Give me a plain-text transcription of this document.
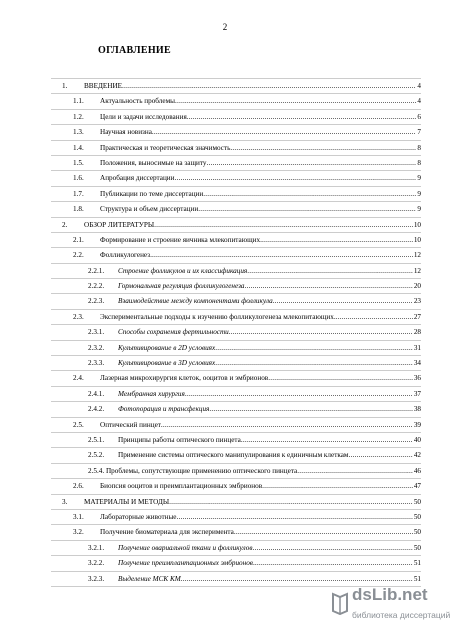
2
ОГЛАВЛЕНИЕ
1. ВВЕДЕНИЕ .....	4
1.1. Актуальность проблемы .....	4
1.2. Цели и задачи исследования .....	6
1.3. Научная новизна .....	7
1.4. Практическая и теоретическая значимость .....	8
1.5. Положения, выносимые на защиту .....	8
1.6. Апробация диссертации .....	9
1.7. Публикации по теме диссертации .....	9
1.8. Структура и объем диссертации .....	9
2. ОБЗОР ЛИТЕРАТУРЫ .....	10
2.1. Формирование и строение яичника млекопитающих .....	10
2.2. Фолликулогенез .....	12
2.2.1. Строение фолликулов и их классификация .....	12
2.2.2. Гормональная регуляция фолликулогенеза .....	20
2.2.3. Взаимодействие между компонентами фолликула .....	23
2.3. Экспериментальные подходы к изучению фолликулогенеза млекопитающих .....	27
2.3.1. Способы сохранения фертильности .....	28
2.3.2. Культивирование в 2D условиях .....	31
2.3.3. Культивирование в 3D условиях .....	34
2.4. Лазерная микрохирургия клеток, ооцитов и эмбрионов .....	36
2.4.1. Мембранная хирургия .....	37
2.4.2. Фотопорация и трансфекция .....	38
2.5. Оптический пинцет .....	39
2.5.1. Принципы работы оптического пинцета .....	40
2.5.2. Применение системы оптического манипулирования к единичным клеткам .....	42
2.5.4. Проблемы, сопутствующие применению оптического пинцета .....	46
2.6. Биопсия ооцитов и преимплантационных эмбрионов .....	47
3. МАТЕРИАЛЫ И МЕТОДЫ .....	50
3.1. Лабораторные животные .....	50
3.2. Получение биоматериала для эксперимента .....	50
3.2.1. Получение овариальной ткани и фолликулов .....	50
3.2.2. Получение преимплантационных эмбрионов .....	51
3.2.3. Выделение МСК КМ .....	51
dsLib.net
библиотека диссертаций
